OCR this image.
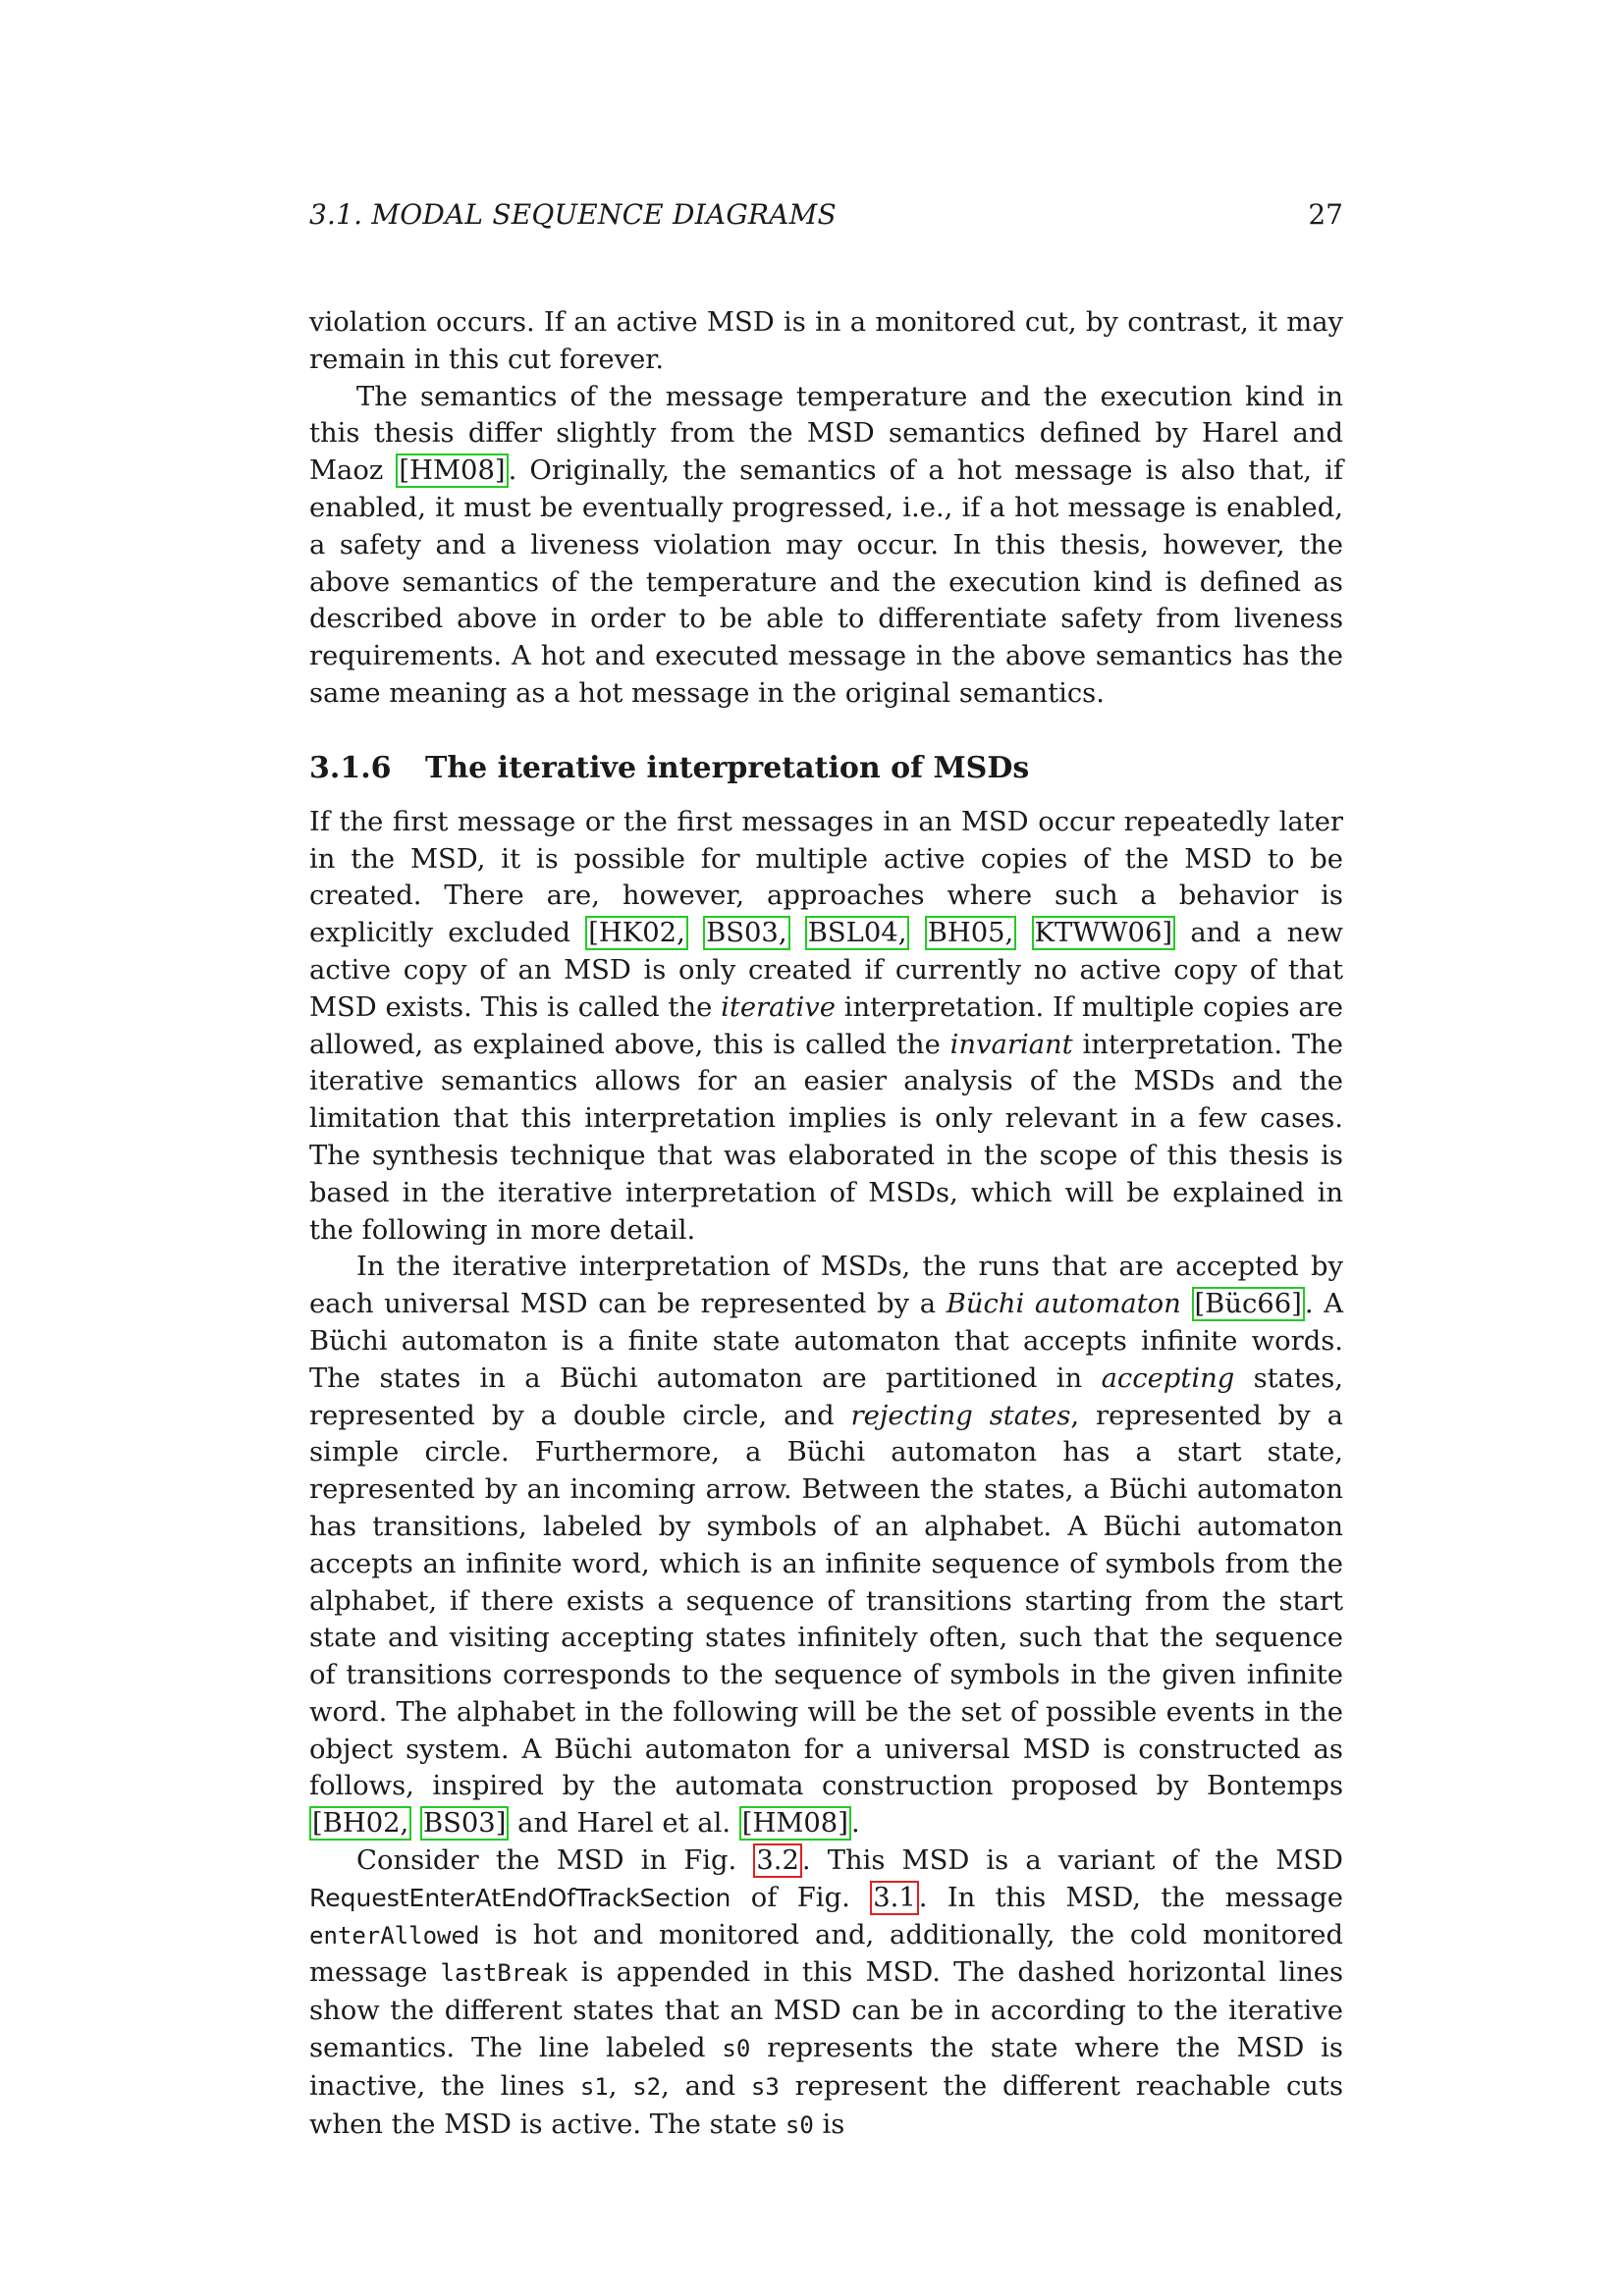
3.1. MODAL SEQUENCE DIAGRAMS	27

violation occurs. If an active MSD is in a monitored cut, by contrast, it may remain in this cut forever.

The semantics of the message temperature and the execution kind in this thesis differ slightly from the MSD semantics defined by Harel and Maoz [HM08] . Originally, the semantics of a hot message is also that, if enabled, it must be eventually progressed, i.e., if a hot message is enabled, a safety and a liveness violation may occur. In this thesis, however, the above semantics of the temperature and the execution kind is defined as described above in order to be able to differentiate safety from liveness requirements. A hot and executed message in the above semantics has the same meaning as a hot message in the original semantics.

3.1.6	The iterative interpretation of MSDs

If the first message or the first messages in an MSD occur repeatedly later in the MSD, it is possible for multiple active copies of the MSD to be created. There are, however, approaches where such a behavior is explicitly excluded [HK02, BS03, BSL04, BH05, KTWW06] and a new active copy of an MSD is only created if currently no active copy of that MSD exists. This is called the iterative interpretation. If multiple copies are allowed, as explained above, this is called the invariant interpretation. The iterative semantics allows for an easier analysis of the MSDs and the limitation that this interpretation implies is only relevant in a few cases. The synthesis technique that was elaborated in the scope of this thesis is based in the iterative interpretation of MSDs, which will be explained in the following in more detail.

In the iterative interpretation of MSDs, the runs that are accepted by each universal MSD can be represented by a Büchi automaton [Büc66] . A Büchi automaton is a finite state automaton that accepts infinite words. The states in a Büchi automaton are partitioned in accepting states, represented by a double circle, and rejecting states, represented by a simple circle. Furthermore, a Büchi automaton has a start state, represented by an incoming arrow. Between the states, a Büchi automaton has transitions, labeled by symbols of an alphabet. A Büchi automaton accepts an infinite word, which is an infinite sequence of symbols from the alphabet, if there exists a sequence of transitions starting from the start state and visiting accepting states infinitely often, such that the sequence of transitions corresponds to the sequence of symbols in the given infinite word. The alphabet in the following will be the set of possible events in the object system. A Büchi automaton for a universal MSD is constructed as follows, inspired by the automata construction proposed by Bontemps [BH02, BS03] and Harel et al. [HM08] .

Consider the MSD in Fig. 3.2 . This MSD is a variant of the MSD RequestEnterAtEndOfTrackSection of Fig. 3.1 . In this MSD, the message enterAllowed is hot and monitored and, additionally, the cold monitored message lastBreak is appended in this MSD. The dashed horizontal lines show the different states that an MSD can be in according to the iterative semantics. The line labeled s0 represents the state where the MSD is inactive, the lines s1, s2, and s3 represent the different reachable cuts when the MSD is active. The state s0 is
